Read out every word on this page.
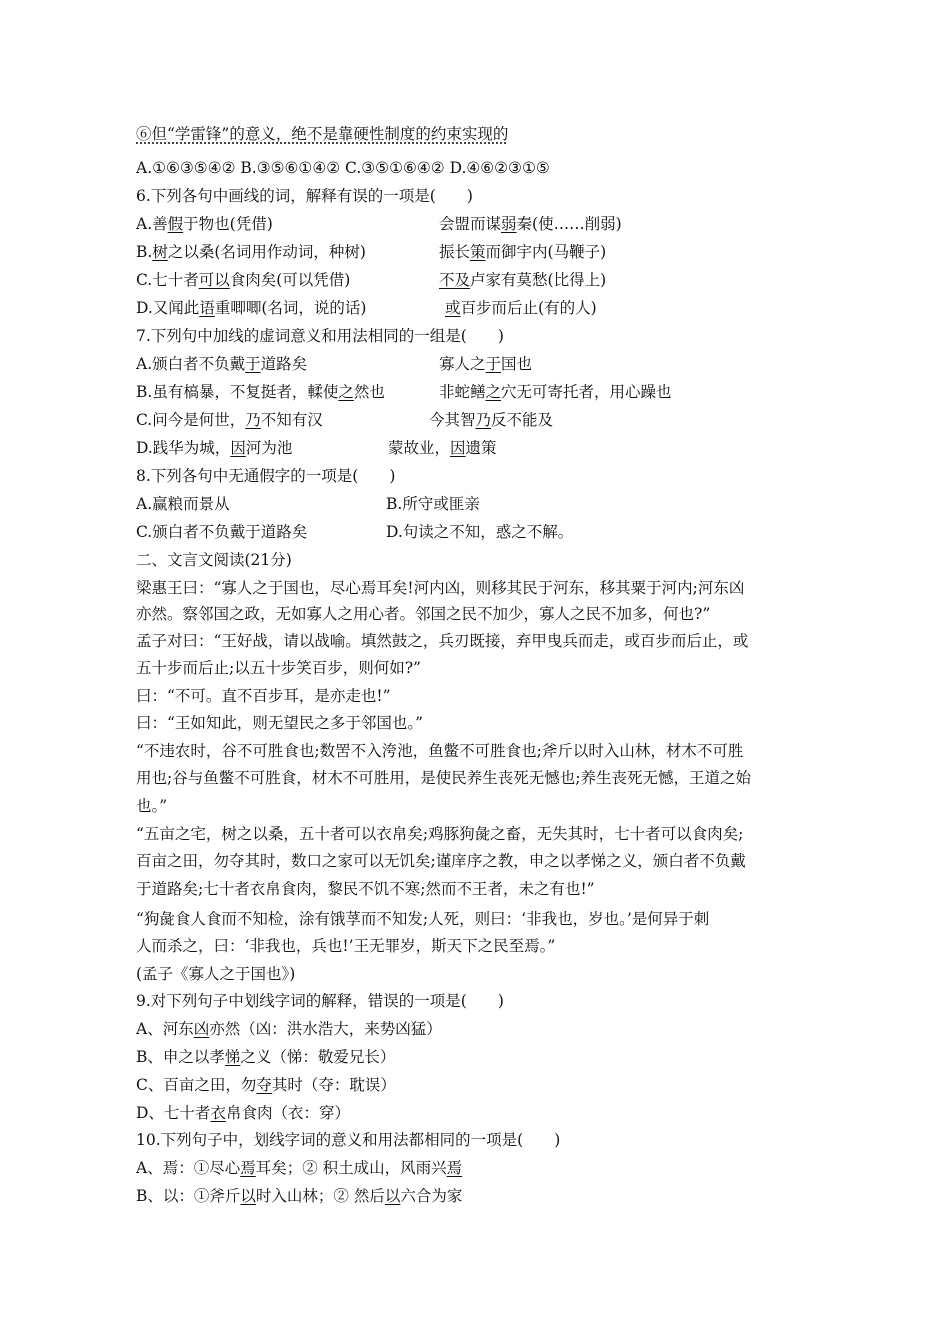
⑥但“学雷锋”的意义，绝不是靠硬性制度的约束实现的
A.①⑥③⑤④② B.③⑤⑥①④② C.③⑤①⑥④② D.④⑥②③①⑤
6.下列各句中画线的词，解释有误的一项是(　　)
A.善假于物也(凭借)	会盟而谋弱秦(使……削弱)
B.树之以桑(名词用作动词，种树)	振长策而御宇内(马鞭子)
C.七十者可以食肉矣(可以凭借)	不及卢家有莫愁(比得上)
D.又闻此语重唧唧(名词，说的话)	或百步而后止(有的人)
7.下列句中加线的虚词意义和用法相同的一组是(　　)
A.颁白者不负戴于道路矣	寡人之于国也
B.虽有槁暴，不复挺者，輮使之然也	非蛇鳝之穴无可寄托者，用心躁也
C.问今是何世，乃不知有汉	今其智乃反不能及
D.践华为城，因河为池	蒙故业，因遗策
8.下列各句中无通假字的一项是(　　)
A.赢粮而景从	B.所守或匪亲
C.颁白者不负戴于道路矣	D.句读之不知，惑之不解。
二、文言文阅读(21分)
梁惠王曰：“寡人之于国也，尽心焉耳矣!河内凶，则移其民于河东，移其粟于河内;河东凶
亦然。察邻国之政，无如寡人之用心者。邻国之民不加少，寡人之民不加多，何也?”
孟子对曰：“王好战，请以战喻。填然鼓之，兵刃既接，弃甲曳兵而走，或百步而后止，或
五十步而后止;以五十步笑百步，则何如?”
曰：“不可。直不百步耳，是亦走也!”
曰：“王如知此，则无望民之多于邻国也。”
“不违农时，谷不可胜食也;数罟不入洿池，鱼鳖不可胜食也;斧斤以时入山林，材木不可胜
用也;谷与鱼鳖不可胜食，材木不可胜用，是使民养生丧死无憾也;养生丧死无憾，王道之始
也。”
“五亩之宅，树之以桑，五十者可以衣帛矣;鸡豚狗彘之畜，无失其时，七十者可以食肉矣;
百亩之田，勿夺其时，数口之家可以无饥矣;谨庠序之教，申之以孝悌之义，颁白者不负戴
于道路矣;七十者衣帛食肉，黎民不饥不寒;然而不王者，未之有也!”
“狗彘食人食而不知检，涂有饿莩而不知发;人死，则曰：‘非我也，岁也。’是何异于刺
人而杀之，曰：‘非我也，兵也!’王无罪岁，斯天下之民至焉。”
(孟子《寡人之于国也》)
9.对下列句子中划线字词的解释，错误的一项是(　　)
A、河东凶亦然（凶：洪水浩大，来势凶猛）
B、申之以孝悌之义（悌：敬爱兄长）
C、百亩之田，勿夺其时（夺：耽误）
D、七十者衣帛食肉（衣：穿）
10.下列句子中，划线字词的意义和用法都相同的一项是(　　)
A、焉：①尽心焉耳矣；② 积土成山，风雨兴焉
B、以：①斧斤以时入山林；② 然后以六合为家
